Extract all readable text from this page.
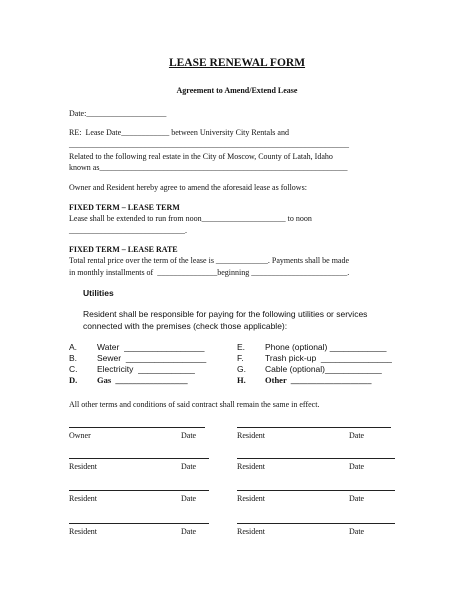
LEASE RENEWAL FORM
Agreement to Amend/Extend Lease
Date:____________________
RE:  Lease Date____________ between University City Rentals and
______________________________________________________________________
Related to the following real estate in the City of Moscow, County of Latah, Idaho
known as______________________________________________________________
Owner and Resident hereby agree to amend the aforesaid lease as follows:
FIXED TERM – LEASE TERM
Lease shall be extended to run from noon_____________________ to noon
_____________________________.
FIXED TERM – LEASE RATE
Total rental price over the term of the lease is _____________. Payments shall be made
in monthly installments of  _______________beginning ________________________.
Utilities
Resident shall be responsible for paying for the following utilities or services
connected with the premises (check those applicable):
A. Water  _________________
B. Sewer  _________________
C. Electricity  ____________
D. Gas  _________________
E. Phone (optional) ____________
F.	Trash pick-up  _______________
G. Cable (optional)____________
H. Other  ___________________
All other terms and conditions of said contract shall remain the same in effect.
Owner	Date	Resident	Date
Resident	Date	Resident	Date
Resident	Date	Resident	Date
Resident	Date	Resident	Date
